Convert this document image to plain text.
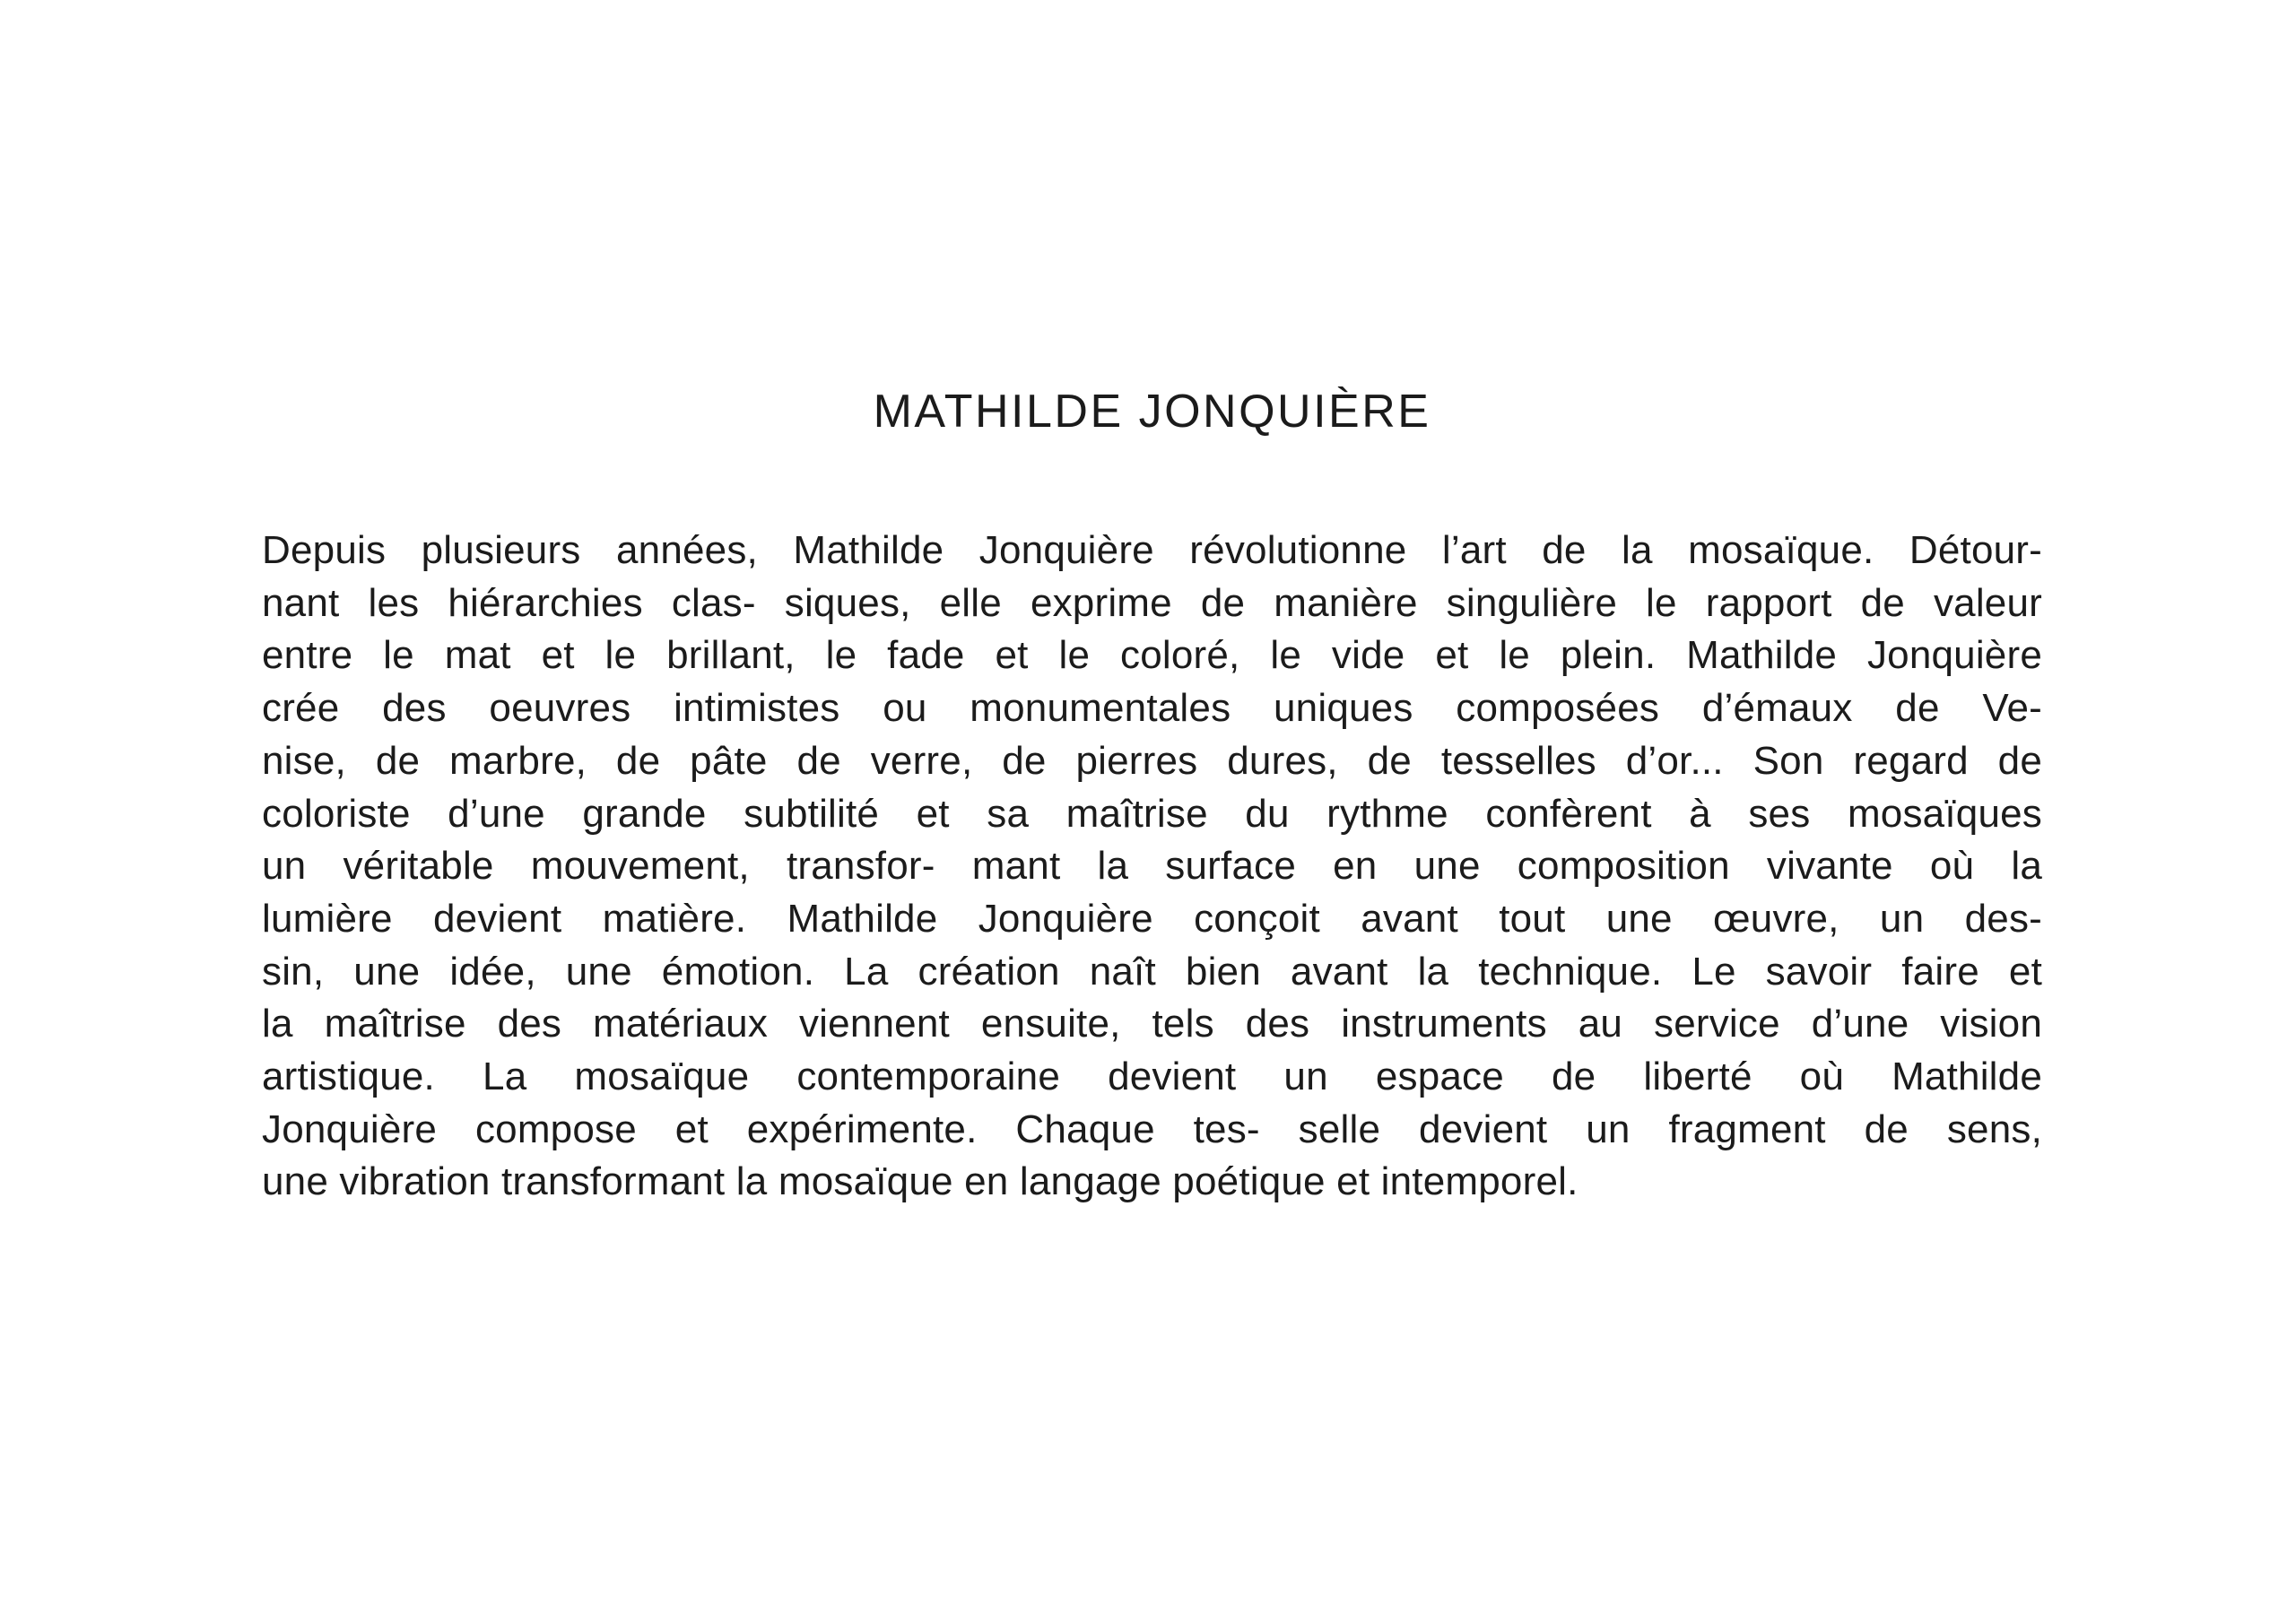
MATHILDE JONQUIÈRE
Depuis plusieurs années, Mathilde Jonquière révolutionne l’art de la mosaïque. Détour-
nant les hiérarchies clas- siques, elle exprime de manière singulière le rapport de valeur
entre le mat et le brillant, le fade et le coloré, le vide et le plein. Mathilde Jonquière
crée des oeuvres intimistes ou monumentales uniques composées d’émaux de Ve-
nise, de marbre, de pâte de verre, de pierres dures, de tesselles d’or... Son regard de
coloriste d’une grande subtilité et sa maîtrise du rythme confèrent à ses mosaïques
un véritable mouvement, transfor- mant la surface en une composition vivante où la
lumière devient matière. Mathilde Jonquière conçoit avant tout une œuvre, un des-
sin, une idée, une émotion. La création naît bien avant la technique. Le savoir faire et
la maîtrise des matériaux viennent ensuite, tels des instruments au service d’une vision
artistique. La mosaïque contemporaine devient un espace de liberté où Mathilde
Jonquière compose et expérimente. Chaque tes- selle devient un fragment de sens,
une vibration transformant la mosaïque en langage poétique et intemporel.
